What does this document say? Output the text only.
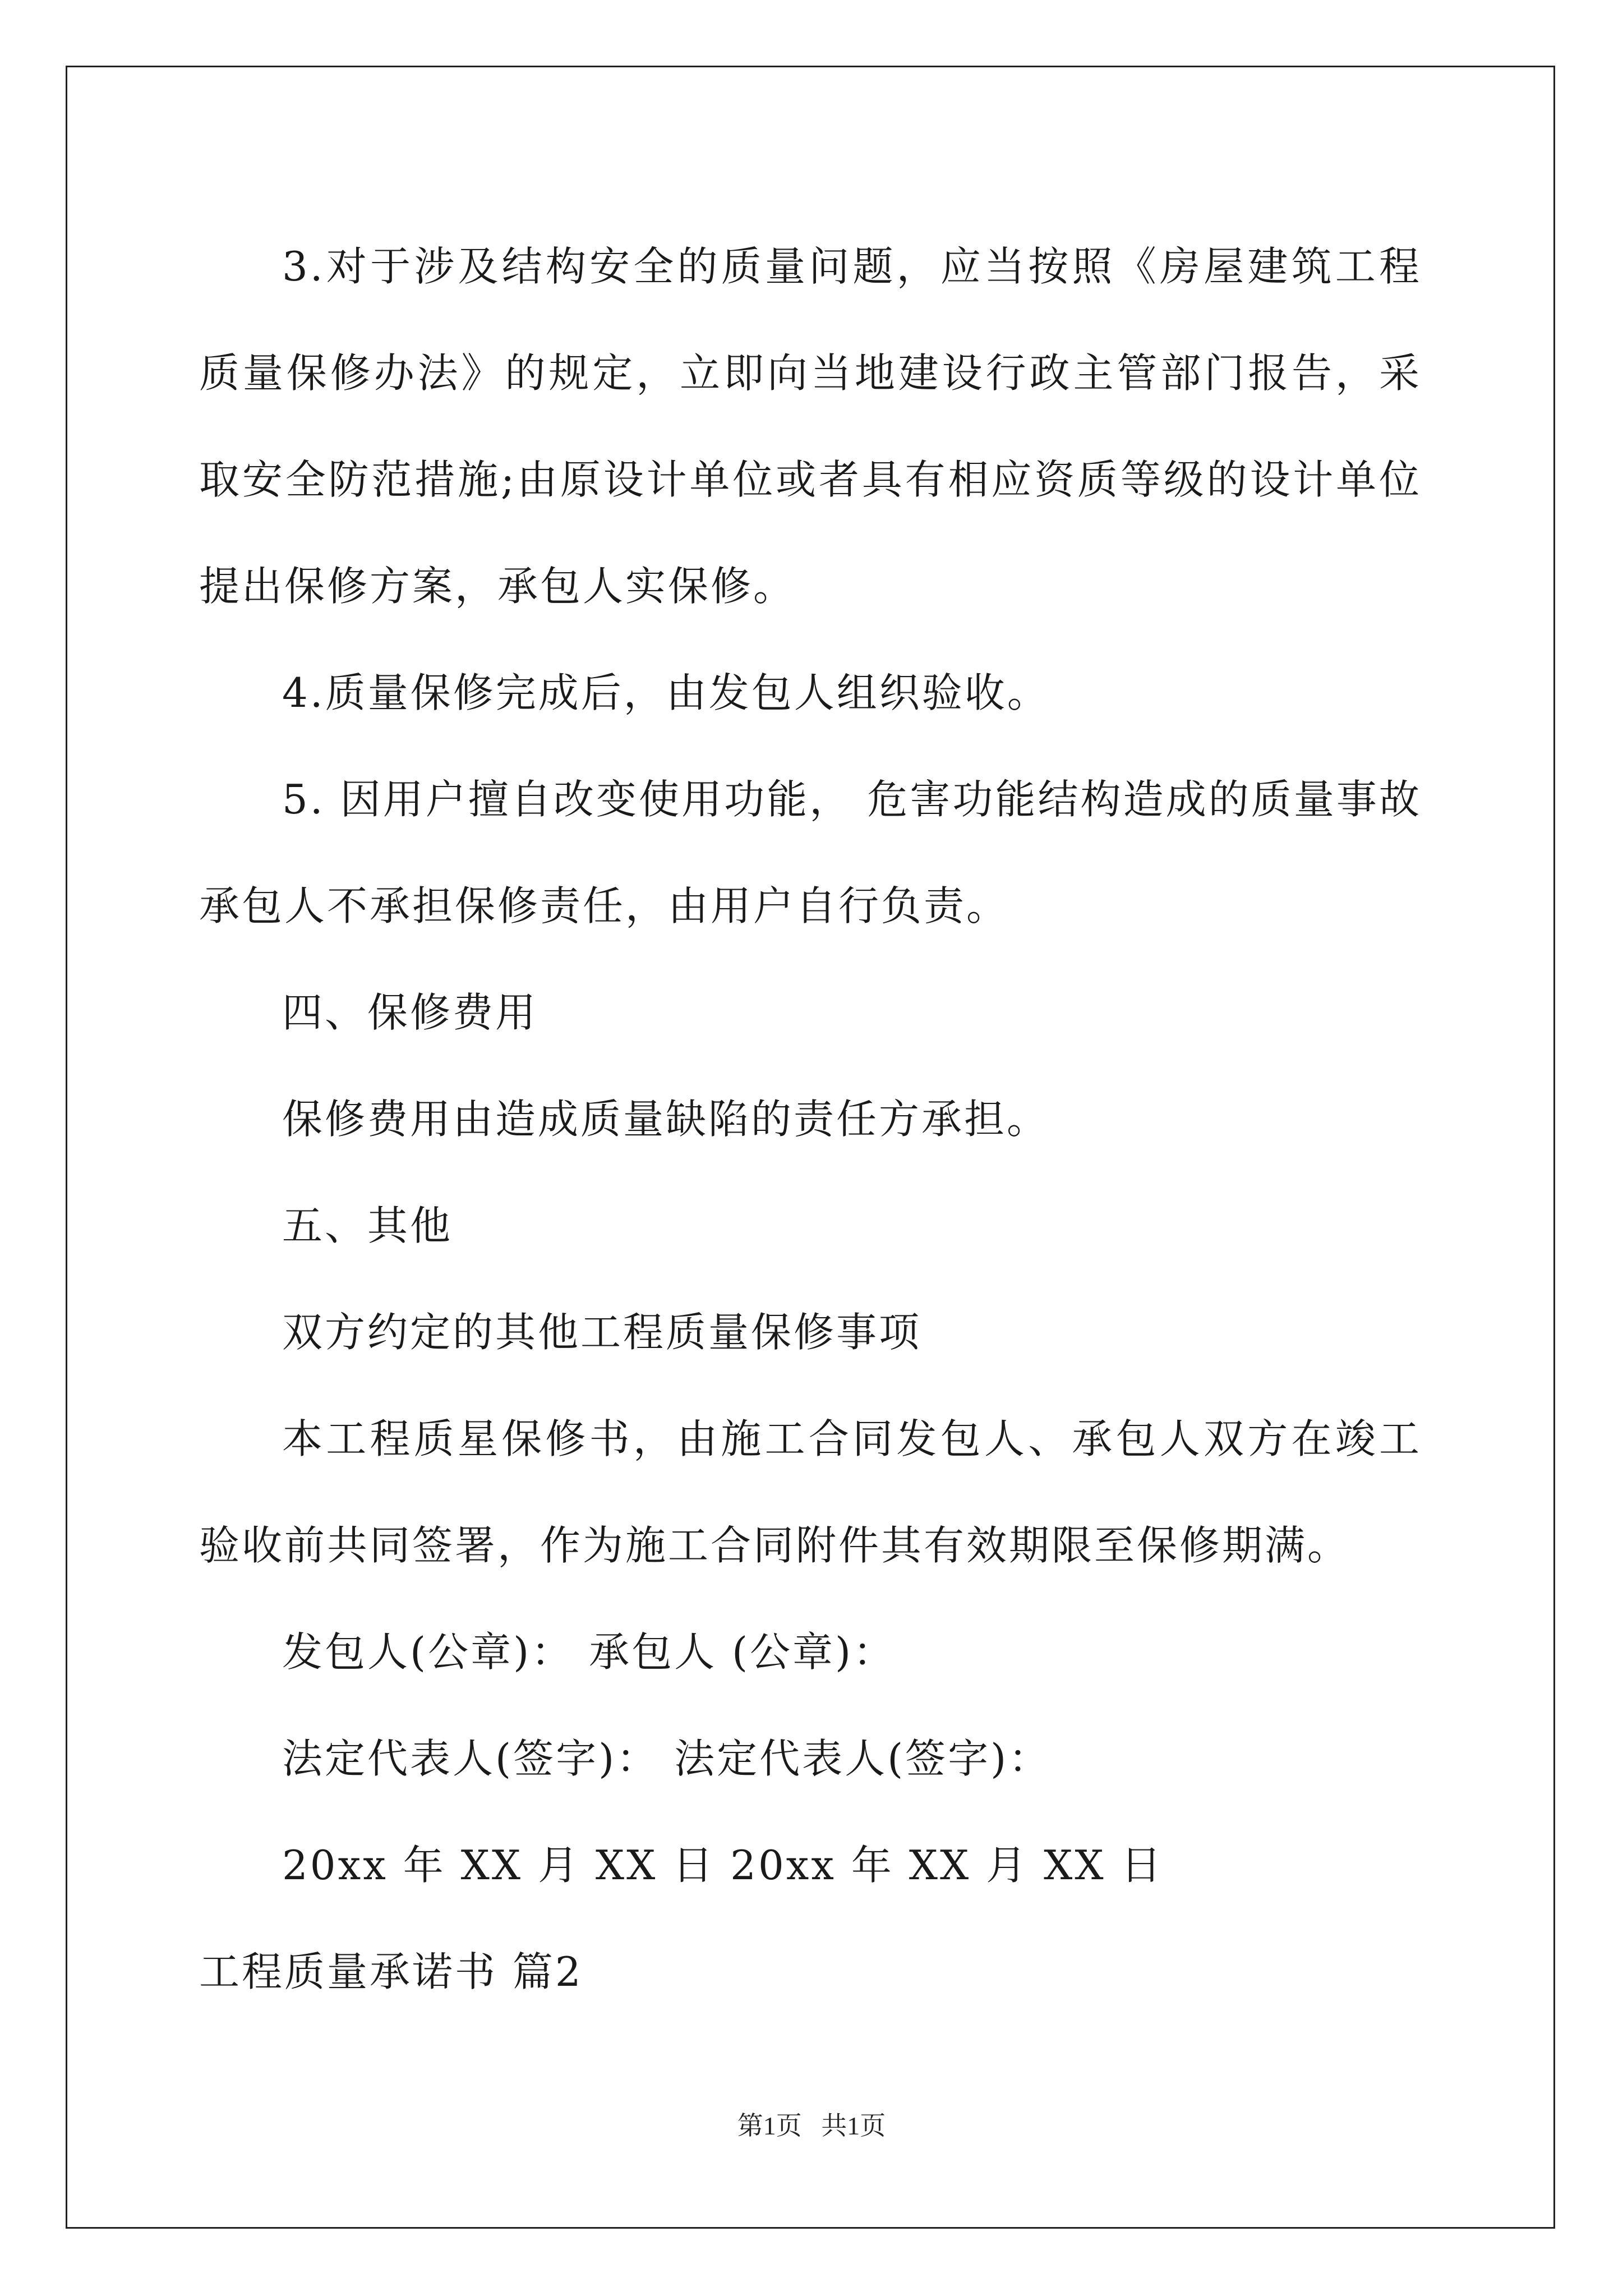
3.对于涉及结构安全的质量问题，应当按照《房屋建筑工程质量保修办法》的规定，立即向当地建设行政主管部门报告，采取安全防范措施;由原设计单位或者具有相应资质等级的设计单位提出保修方案，承包人实保修。

4.质量保修完成后，由发包人组织验收。

5. 因用户擅自改变使用功能， 危害功能结构造成的质量事故承包人不承担保修责任，由用户自行负责。

四、保修费用

保修费用由造成质量缺陷的责任方承担。

五、其他

双方约定的其他工程质量保修事项

本工程质星保修书，由施工合同发包人、承包人双方在竣工验收前共同签署，作为施工合同附件其有效期限至保修期满。

发包人(公章)： 承包人 (公章)：

法定代表人(签字)： 法定代表人(签字)：

20xx 年 XX 月 XX 日 20xx 年 XX 月 XX 日

工程质量承诺书 篇2

第1页   共1页
